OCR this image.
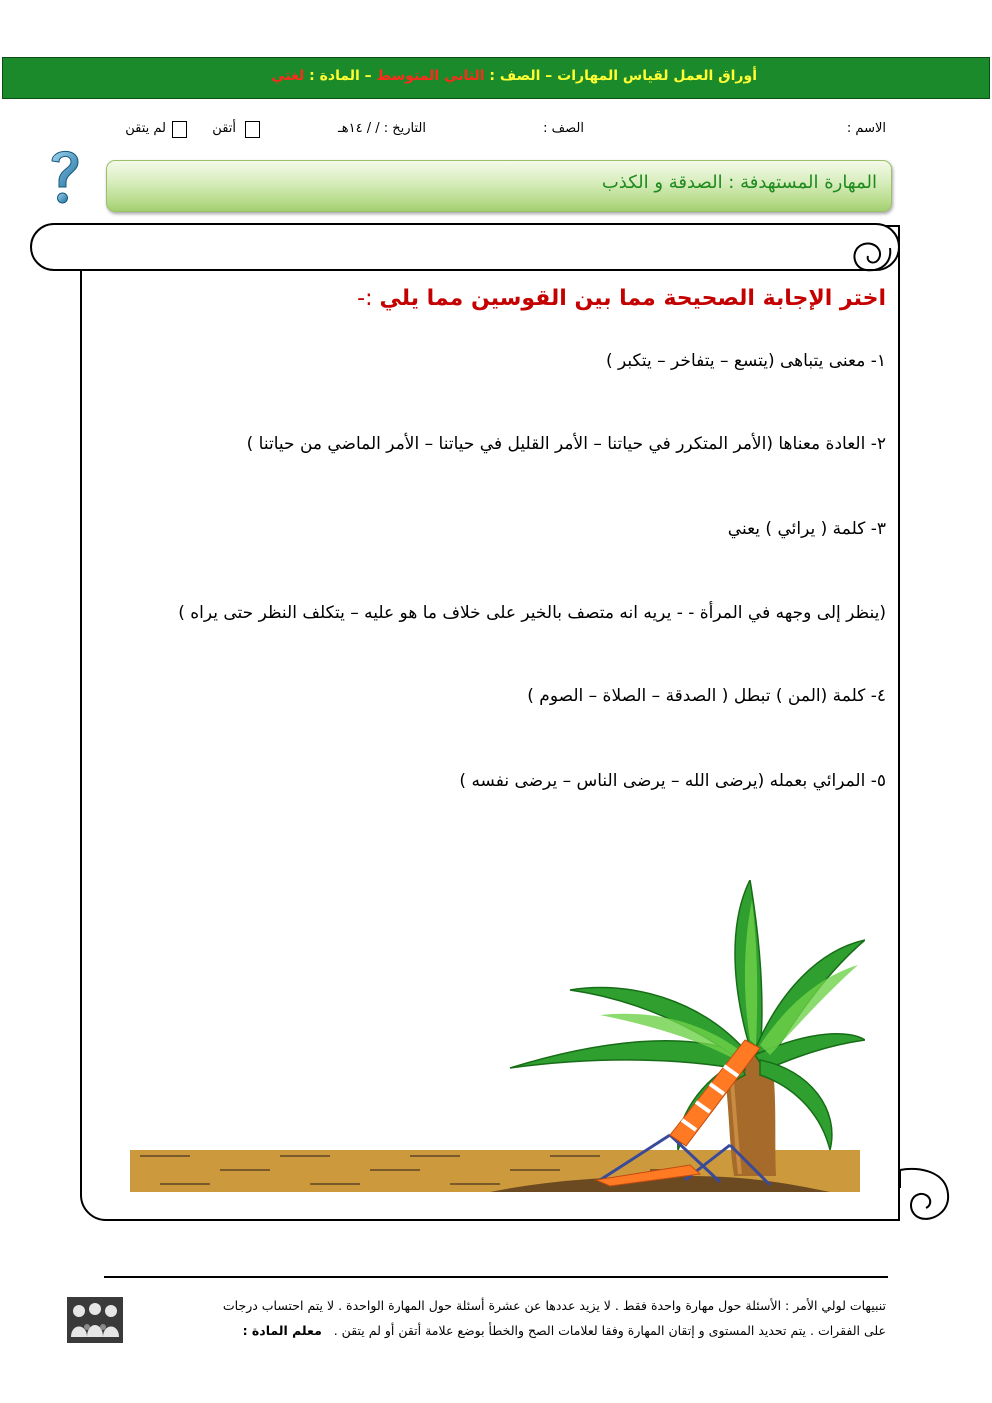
أوراق العمل لقياس المهارات – الصف : الثاني المتوسط – المادة : لغتي
الاسم :
الصف :
التاريخ : / / ١٤هـ
أتقن
لم يتقن
المهارة المستهدفة : الصدقة و الكذب
اختر الإجابة الصحيحة مما بين القوسين مما يلي :-
١- معنى يتباهى (يتسع – يتفاخر – يتكبر )
٢- العادة معناها (الأمر المتكرر في حياتنا – الأمر القليل في حياتنا – الأمر الماضي من حياتنا )
٣- كلمة ( يرائي ) يعني
(ينظر إلى وجهه في المرأة - - يريه انه متصف بالخير على خلاف ما هو عليه – يتكلف النظر حتى يراه )
٤- كلمة (المن ) تبطل ( الصدقة – الصلاة – الصوم )
٥- المرائي بعمله (يرضى الله – يرضى الناس – يرضى نفسه )
تنبيهات لولي الأمر : الأسئلة حول مهارة واحدة فقط . لا يزيد عددها عن عشرة أسئلة حول المهارة الواحدة . لا يتم احتساب درجات
على الفقرات . يتم تحديد المستوى و إتقان المهارة وفقا لعلامات الصح والخطأ بوضع علامة أتقن أو لم يتقن .   معلم المادة :
